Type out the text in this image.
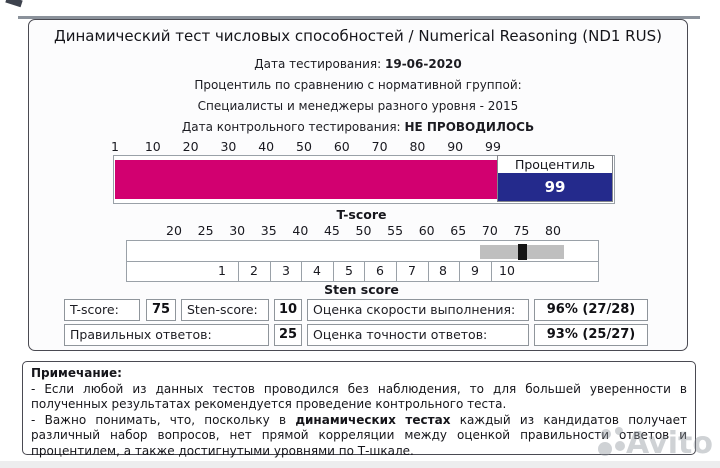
Динамический тест числовых способностей / Numerical Reasoning (ND1 RUS)
Дата тестирования: 19-06-2020
Процентиль по сравнению с нормативной группой:
Специалисты и менеджеры разного уровня - 2015
Дата контрольного тестирования: НЕ ПРОВОДИЛОСЬ
1 10 20 30 40 50 60 70 80 90 99
Процентиль
99
T-score
20 25 30 35 40 45 50 55 60 65 70 75 80
1 2 3 4 5 6 7 8 9 10
Sten score
T-score:	75	Sten-score:	10	Оценка скорости выполнения:	96% (27/28)
Правильных ответов:	25	Оценка точности ответов:	93% (25/27)

Примечание:

- Если любой из данных тестов проводился без наблюдения, то для большей уверенности в полученных результатах рекомендуется проведение контрольного теста.

- Важно понимать, что, поскольку в динамических тестах каждый из кандидатов получает различный набор вопросов, нет прямой корреляции между оценкой правильности ответов и процентилем, а также достигнутыми уровнями по Т-шкале.	Avito
